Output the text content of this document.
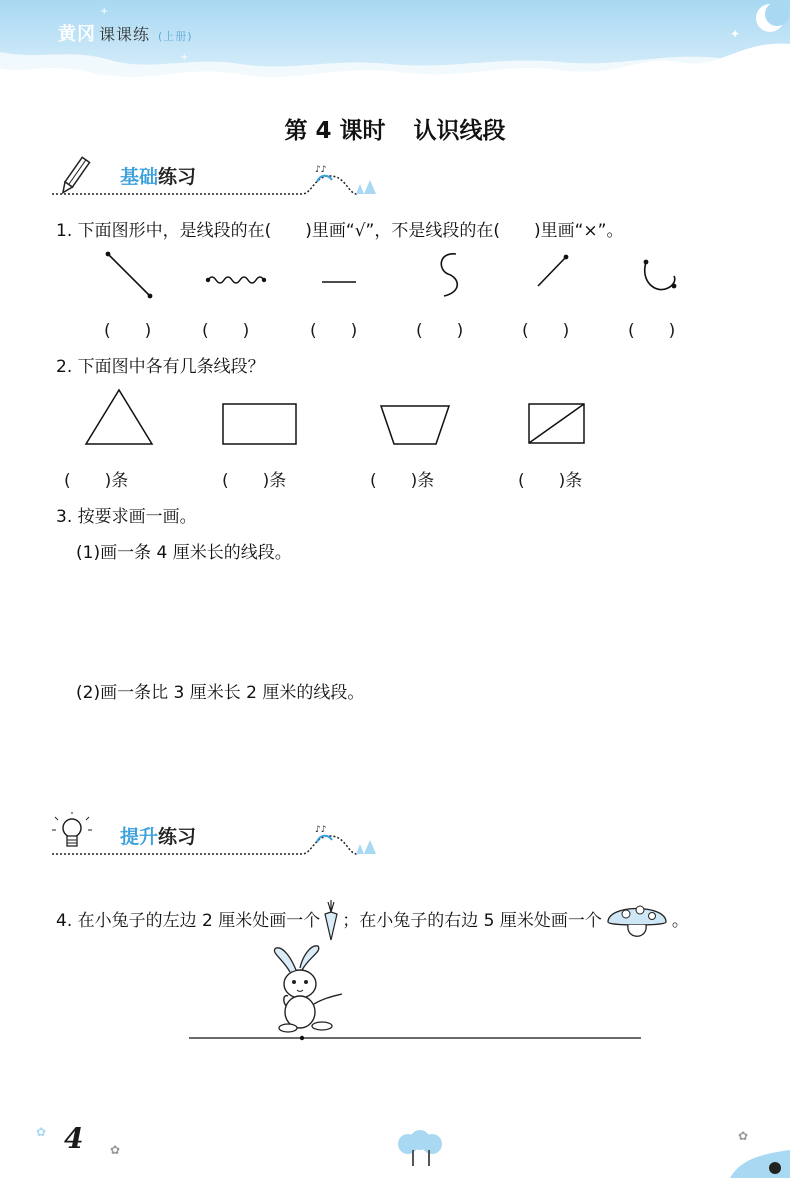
+
✦
+
黄冈 课课练 (上册)
第 4 课时 认识线段
♪♪
基础练习
1. 下面图形中，是线段的在(　　)里画“√”，不是线段的在(　　)里画“×”。
(　　)	(　　)	(　　)	(　　)	(　　)	(　　)
2. 下面图中各有几条线段？
(　　)条	(　　)条	(　　)条	(　　)条
3. 按要求画一画。
(1)画一条 4 厘米长的线段。
(2)画一条比 3 厘米长 2 厘米的线段。
♪♪
提升练习
4. 在小兔子的左边 2 厘米处画一个 ；在小兔子的右边 5 厘米处画一个	。
✿
✿
✿
4
